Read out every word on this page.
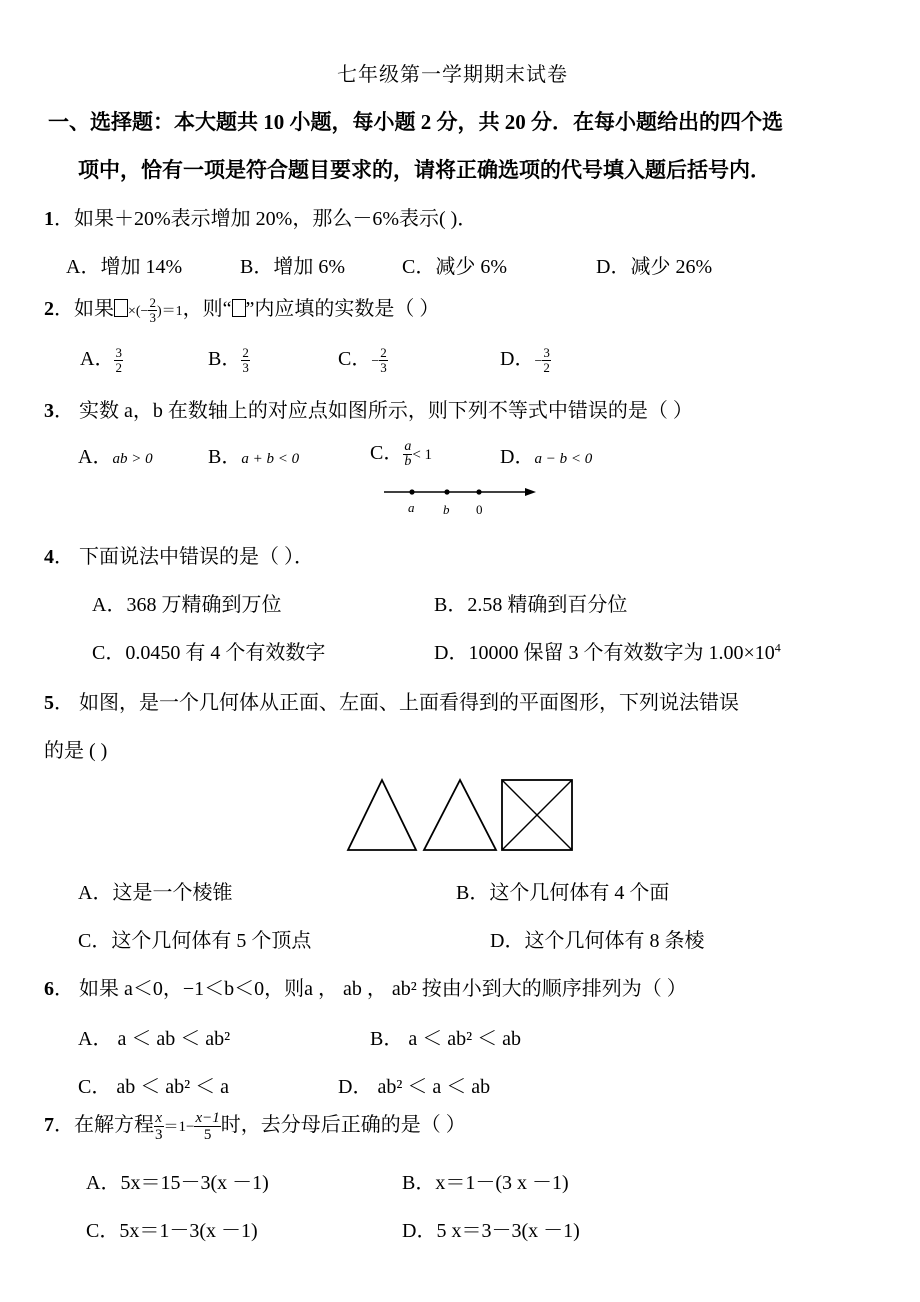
七年级第一学期期末试卷
一、选择题：本大题共 10 小题，每小题 2 分，共 20 分．在每小题给出的四个选
项中，恰有一项是符合题目要求的，请将正确选项的代号填入题后括号内．
1．如果＋20%表示增加 20%，那么－6%表示( )．
A．增加 14%	B．增加 6%	C．减少 6%	D．减少 26%
2．如果 ×(− $\frac{2}{3} )=1$，则“ ”内应填的实数是（ ）
A． $\frac{3}{2}$	B． $\frac{2}{3}$	C．− $\frac{2}{3}$	D．− $\frac{3}{2}$
3． 实数 a，b 在数轴上的对应点如图所示，则下列不等式中错误的是（ ）
A．ab > 0	B．a + b < 0	C． $\frac{a}{b} < 1$	D．a − b < 0
a b 0
4． 下面说法中错误的是（ ）．
A．368 万精确到万位	B．2.58 精确到百分位
C．0.0450 有 4 个有效数字	D．10000 保留 3 个有效数字为 $1.00\times 10^4$
5． 如图，是一个几何体从正面、左面、上面看得到的平面图形，下列说法错误
的是 ( )
A．这是一个棱锥	B．这个几何体有 4 个面
C．这个几何体有 5 个顶点	D．这个几何体有 8 条棱
6． 如果 a＜0，−1＜b＜0，则a ， ab ， ab² 按由小到大的顺序排列为（ ）
A． a ＜ ab ＜ ab²	B． a ＜ ab² ＜ ab
C． ab ＜ ab² ＜ a	D． ab² ＜ a ＜ ab
7．在解方程 $\frac{x}{3} =1- \frac{x-1}{5}$ 时，去分母后正确的是（ ）
A．5x＝15－3(x －1)	B．x＝1－(3 x －1)
C．5x＝1－3(x －1)	D．5 x＝3－3(x －1)
